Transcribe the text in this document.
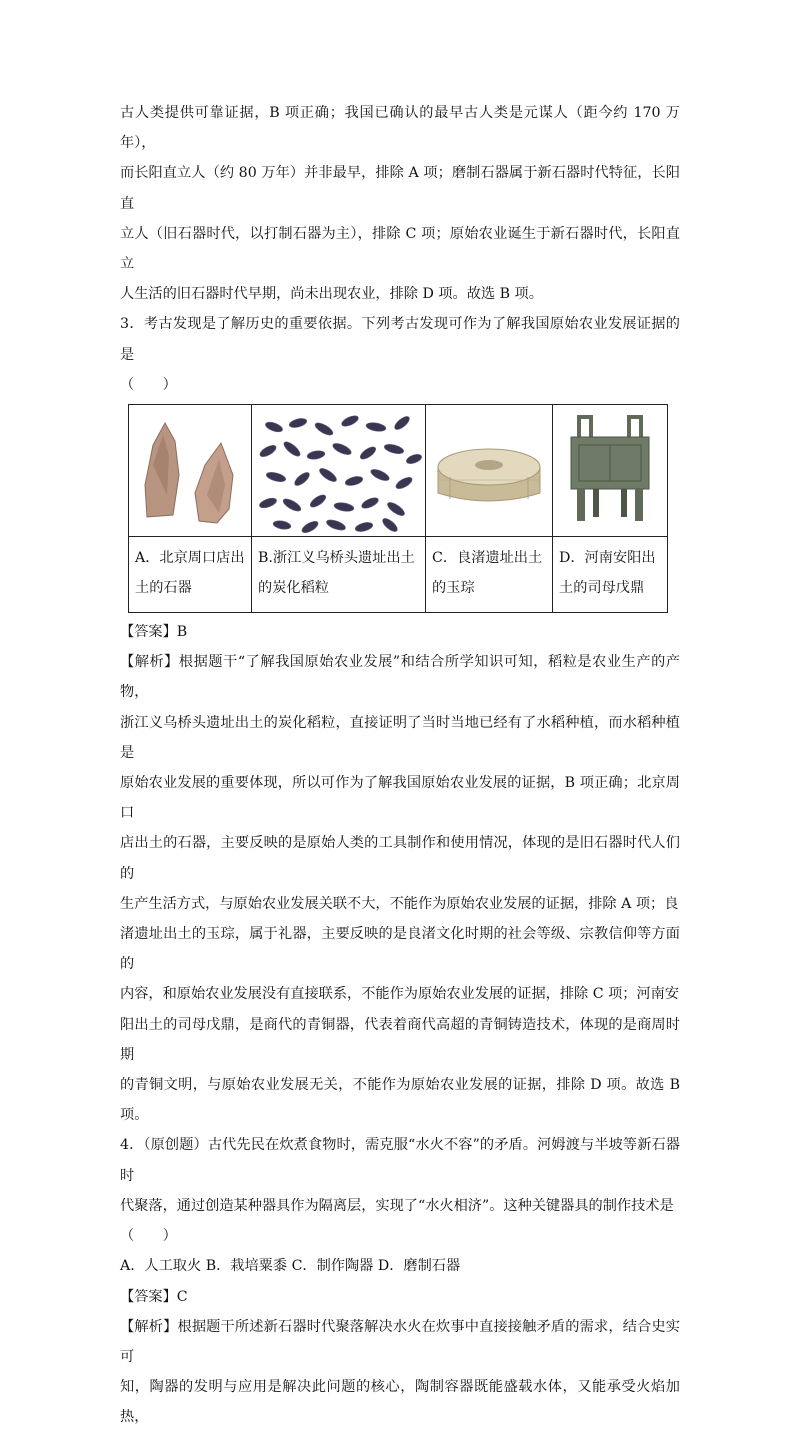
古人类提供可靠证据，B 项正确；我国已确认的最早古人类是元谋人（距今约 170 万年），
而长阳直立人（约 80 万年）并非最早，排除 A 项；磨制石器属于新石器时代特征，长阳直
立人（旧石器时代，以打制石器为主），排除 C 项；原始农业诞生于新石器时代，长阳直立
人生活的旧石器时代早期，尚未出现农业，排除 D 项。故选 B 项。

3．考古发现是了解历史的重要依据。下列考古发现可作为了解我国原始农业发展证据的是
（　　）

A．北京周口店出
土的石器	B.浙江义乌桥头遗址出土
的炭化稻粒	C．良渚遗址出土
的玉琮	D．河南安阳出
土的司母戊鼎

【答案】B

【解析】根据题干“了解我国原始农业发展”和结合所学知识可知，稻粒是农业生产的产物，
浙江义乌桥头遗址出土的炭化稻粒，直接证明了当时当地已经有了水稻种植，而水稻种植是
原始农业发展的重要体现，所以可作为了解我国原始农业发展的证据，B 项正确；北京周口
店出土的石器，主要反映的是原始人类的工具制作和使用情况，体现的是旧石器时代人们的
生产生活方式，与原始农业发展关联不大，不能作为原始农业发展的证据，排除 A 项；良
渚遗址出土的玉琮，属于礼器，主要反映的是良渚文化时期的社会等级、宗教信仰等方面的
内容，和原始农业发展没有直接联系，不能作为原始农业发展的证据，排除 C 项；河南安
阳出土的司母戊鼎，是商代的青铜器，代表着商代高超的青铜铸造技术，体现的是商周时期
的青铜文明，与原始农业发展无关，不能作为原始农业发展的证据，排除 D 项。故选 B 项。

4．（原创题）古代先民在炊煮食物时，需克服“水火不容”的矛盾。河姆渡与半坡等新石器时
代聚落，通过创造某种器具作为隔离层，实现了“水火相济”。这种关键器具的制作技术是
（　　）

A．人工取火 B．栽培粟黍 C．制作陶器 D．磨制石器

【答案】C

【解析】根据题干所述新石器时代聚落解决水火在炊事中直接接触矛盾的需求，结合史实可
知，陶器的发明与应用是解决此问题的核心，陶制容器既能盛载水体，又能承受火焰加热，
